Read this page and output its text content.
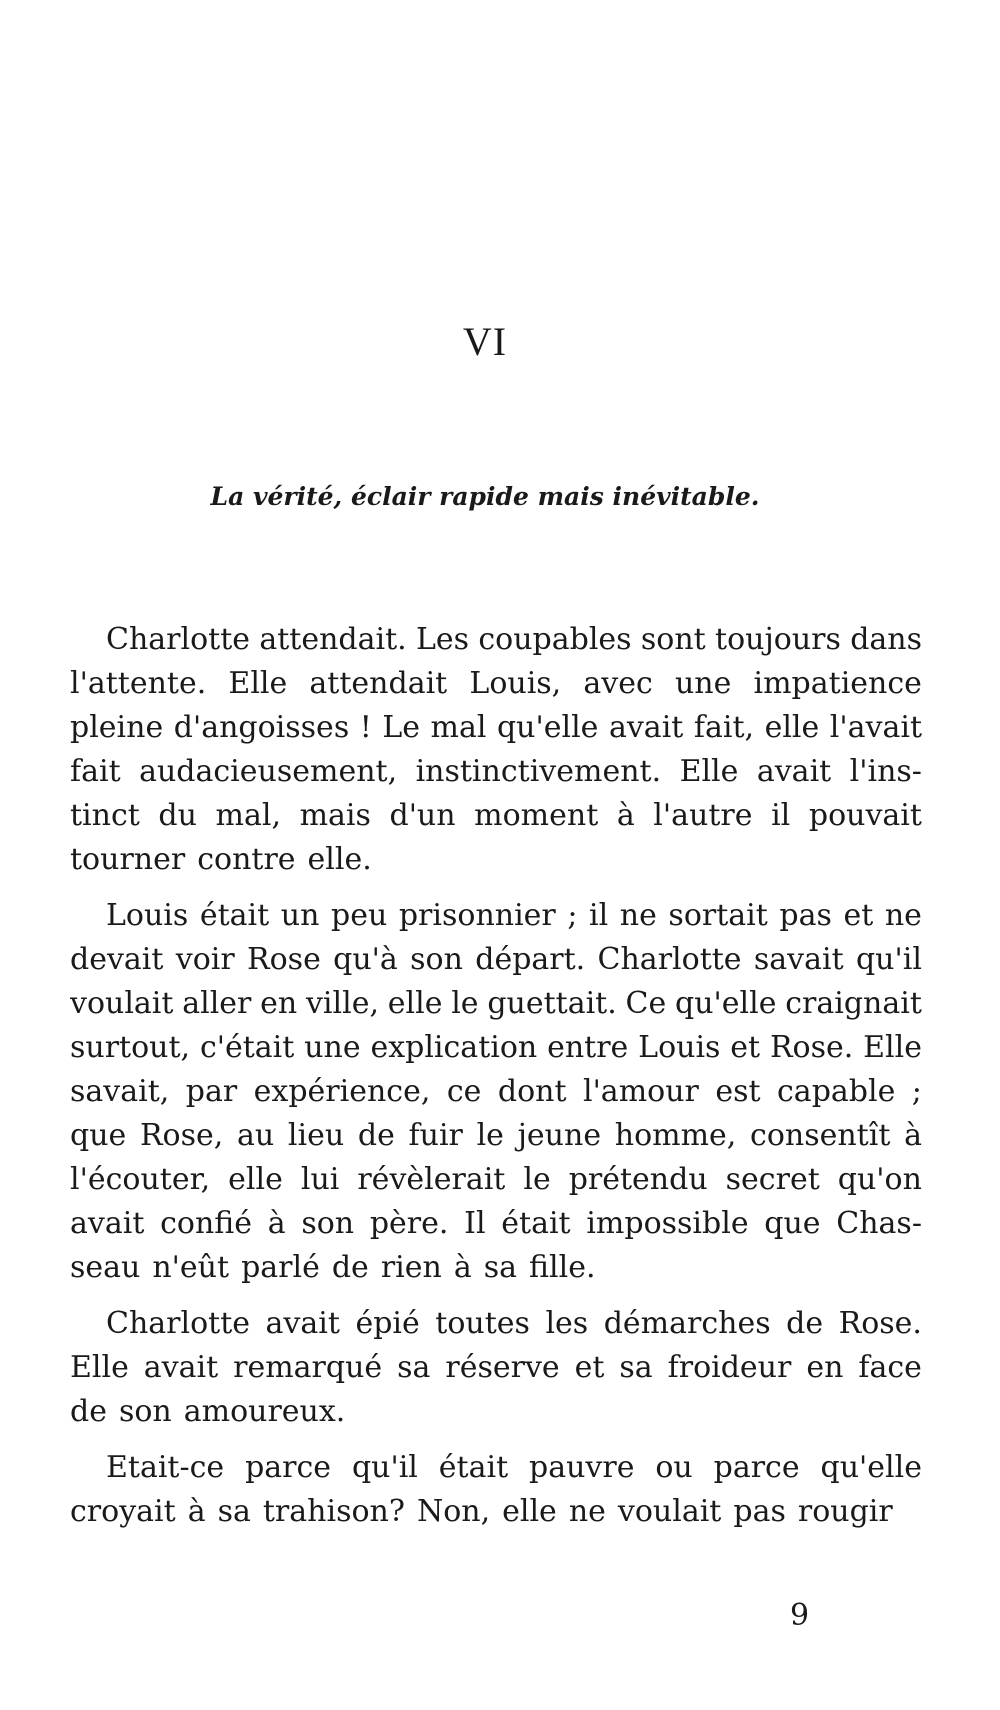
VI
La vérité, éclair rapide mais inévitable.
Charlotte attendait. Les coupables sont toujours dans
l'attente. Elle attendait Louis, avec une impatience
pleine d'angoisses ! Le mal qu'elle avait fait, elle l'avait
fait audacieusement, instinctivement. Elle avait l'ins-
tinct du mal, mais d'un moment à l'autre il pouvait
tourner contre elle.
Louis était un peu prisonnier ; il ne sortait pas et ne
devait voir Rose qu'à son départ. Charlotte savait qu'il
voulait aller en ville, elle le guettait. Ce qu'elle craignait
surtout, c'était une explication entre Louis et Rose. Elle
savait, par expérience, ce dont l'amour est capable ;
que Rose, au lieu de fuir le jeune homme, consentît à
l'écouter, elle lui révèlerait le prétendu secret qu'on
avait confié à son père. Il était impossible que Chas-
seau n'eût parlé de rien à sa fille.
Charlotte avait épié toutes les démarches de Rose.
Elle avait remarqué sa réserve et sa froideur en face
de son amoureux.
Etait-ce parce qu'il était pauvre ou parce qu'elle
croyait à sa trahison? Non, elle ne voulait pas rougir
9
